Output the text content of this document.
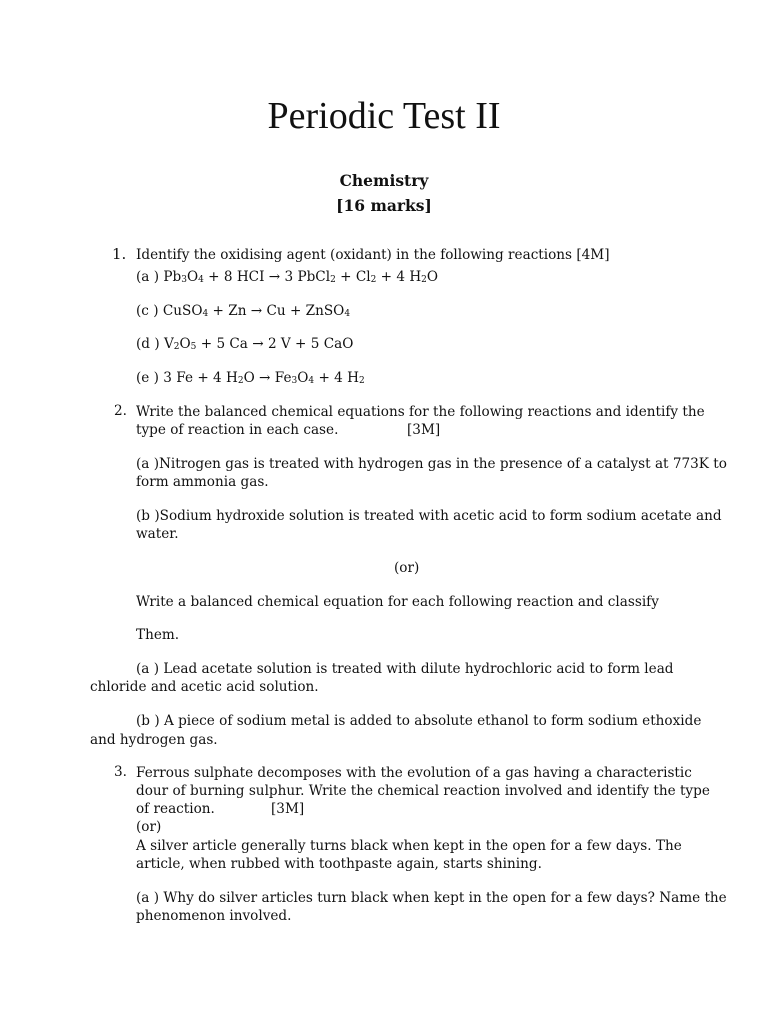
Periodic Test II
Chemistry
[16 marks]
1. Identify the oxidising agent (oxidant) in the following reactions [4M]
(a ) $Pb_3O_4 + 8$ HCI → 3 PbCl$_2$ + $Cl_2 + 4$ $H_2O$
(c ) CuSO$_4$ + Zn → Cu + ZnSO$_4$
(d ) $V_2O_5 + 5$ Ca → 2 V + 5 CaO
(e ) 3 Fe + 4 $H_2O \to Fe_3O_4 + 4$ $H_2$
2. Write the balanced chemical equations for the following reactions and identify the
type of reaction in each case.	[3M]
(a )Nitrogen gas is treated with hydrogen gas in the presence of a catalyst at 773K to
form ammonia gas.
(b )Sodium hydroxide solution is treated with acetic acid to form sodium acetate and
water.
(or)
Write a balanced chemical equation for each following reaction and classify
Them.
(a ) Lead acetate solution is treated with dilute hydrochloric acid to form lead
chloride and acetic acid solution.
(b ) A piece of sodium metal is added to absolute ethanol to form sodium ethoxide
and hydrogen gas.
3. Ferrous sulphate decomposes with the evolution of a gas having a characteristic
dour of burning sulphur. Write the chemical reaction involved and identify the type
of reaction.	[3M]
(or)
A silver article generally turns black when kept in the open for a few days. The
article, when rubbed with toothpaste again, starts shining.
(a ) Why do silver articles turn black when kept in the open for a few days? Name the
phenomenon involved.
